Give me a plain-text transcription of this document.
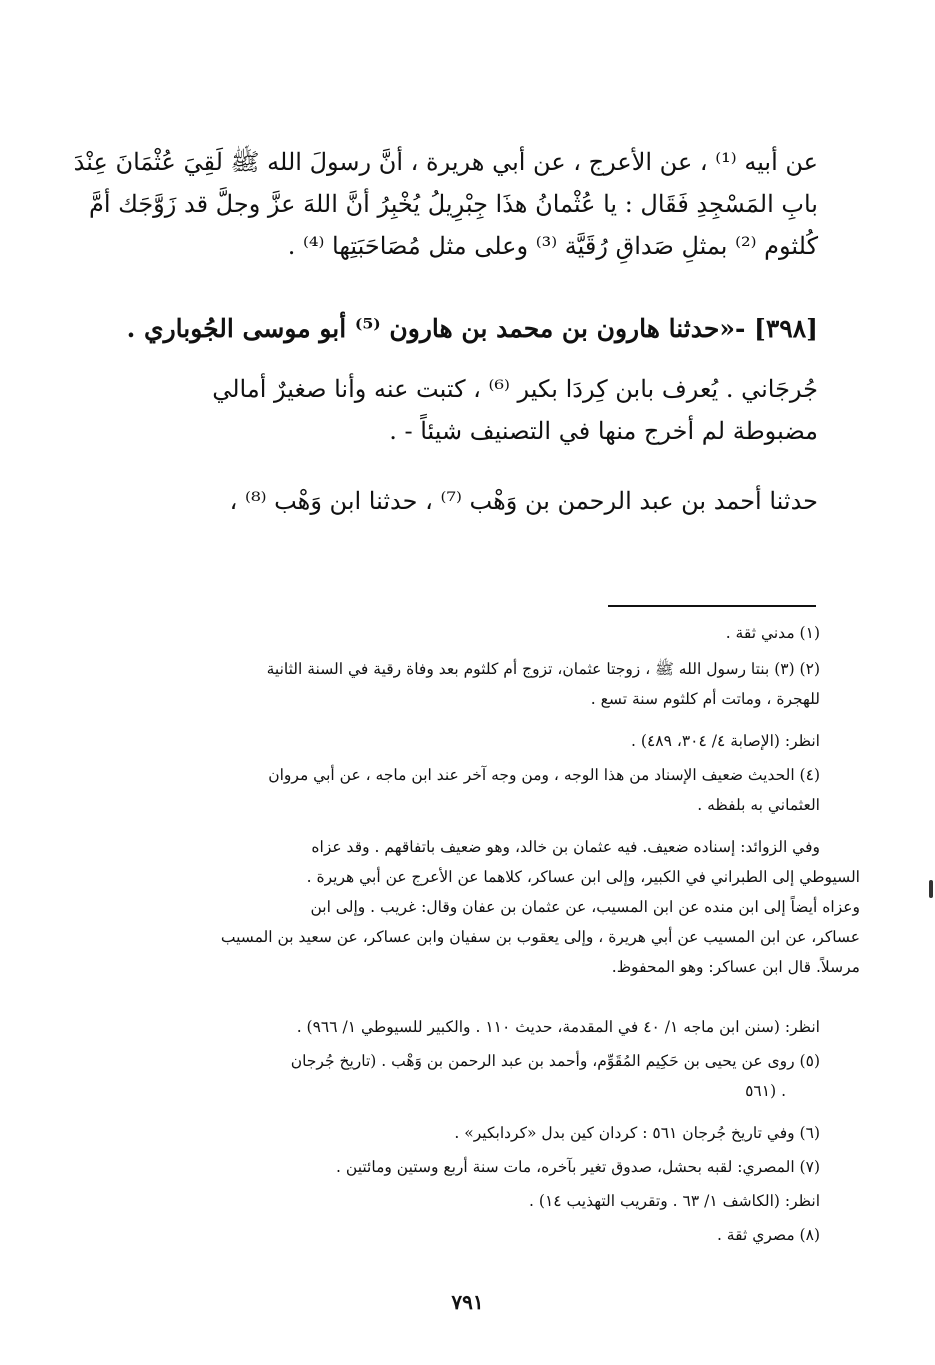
عن أبيه ⁽¹⁾ ، عن الأعرج ، عن أبي هريرة ، أنَّ رسولَ الله ﷺ لَقِيَ عُثْمَانَ عِنْدَ
بابِ المَسْجِدِ فَقَال : يا عُثْمانُ هذَا جِبْرِيلُ يُخْبِرُ أنَّ اللهَ عزَّ وجلَّ قد زَوَّجَك أمَّ
كُلثوم ⁽²⁾ بمثلِ صَداقِ رُقَيَّة ⁽³⁾ وعلى مثل مُصَاحَبَتِها ⁽⁴⁾ .
[٣٩٨] -«حدثنا هارون بن محمد بن هارون ⁽⁵⁾ أبو موسى الجُوباري .
جُرجَاني . يُعرف بابن كِردَا بكير ⁽⁶⁾ ، كتبت عنه وأنا صغيرٌ أمالي
مضبوطة لم أخرج منها في التصنيف شيئاً - .
حدثنا أحمد بن عبد الرحمن بن وَهْب ⁽⁷⁾ ، حدثنا ابن وَهْب ⁽⁸⁾ ،
(١) مدني ثقة .
(٢) (٣) بنتا رسول الله ﷺ ، زوجتا عثمان، تزوج أم كلثوم بعد وفاة رقية في السنة الثانية
للهجرة ، وماتت أم كلثوم سنة تسع .
انظر: (الإصابة ٤/ ٣٠٤، ٤٨٩) .
(٤) الحديث ضعيف الإسناد من هذا الوجه ، ومن وجه آخر عند ابن ماجه ، عن أبي مروان
العثماني به بلفظه .
وفي الزوائد: إسناده ضعيف. فيه عثمان بن خالد، وهو ضعيف باتفاقهم . وقد عزاه
السيوطي إلى الطبراني في الكبير، وإلى ابن عساكر، كلاهما عن الأعرج عن أبي هريرة .
وعزاه أيضاً إلى ابن منده عن ابن المسيب، عن عثمان بن عفان وقال: غريب . وإلى ابن
عساكر، عن ابن المسيب عن أبي هريرة ، وإلى يعقوب بن سفيان وابن عساكر، عن سعيد بن المسيب
مرسلاً. قال ابن عساكر: وهو المحفوظ.
انظر: (سنن ابن ماجه ١/ ٤٠ في المقدمة، حديث ١١٠ . والكبير للسيوطي ١/ ٩٦٦) .
(٥) روى عن يحيى بن حَكِيم المُقَوِّم، وأحمد بن عبد الرحمن بن وَهْب . (تاريخ جُرجان
. (٥٦١
(٦) وفي تاريخ جُرجان ٥٦١ : كردان كين بدل «كردابكير» .
(٧) المصري: لقبه بحشل، صدوق تغير بآخره، مات سنة أربع وستين ومائتين .
انظر: (الكاشف ١/ ٦٣ . وتقريب التهذيب ١٤) .
(٨) مصري ثقة .
٧٩١
